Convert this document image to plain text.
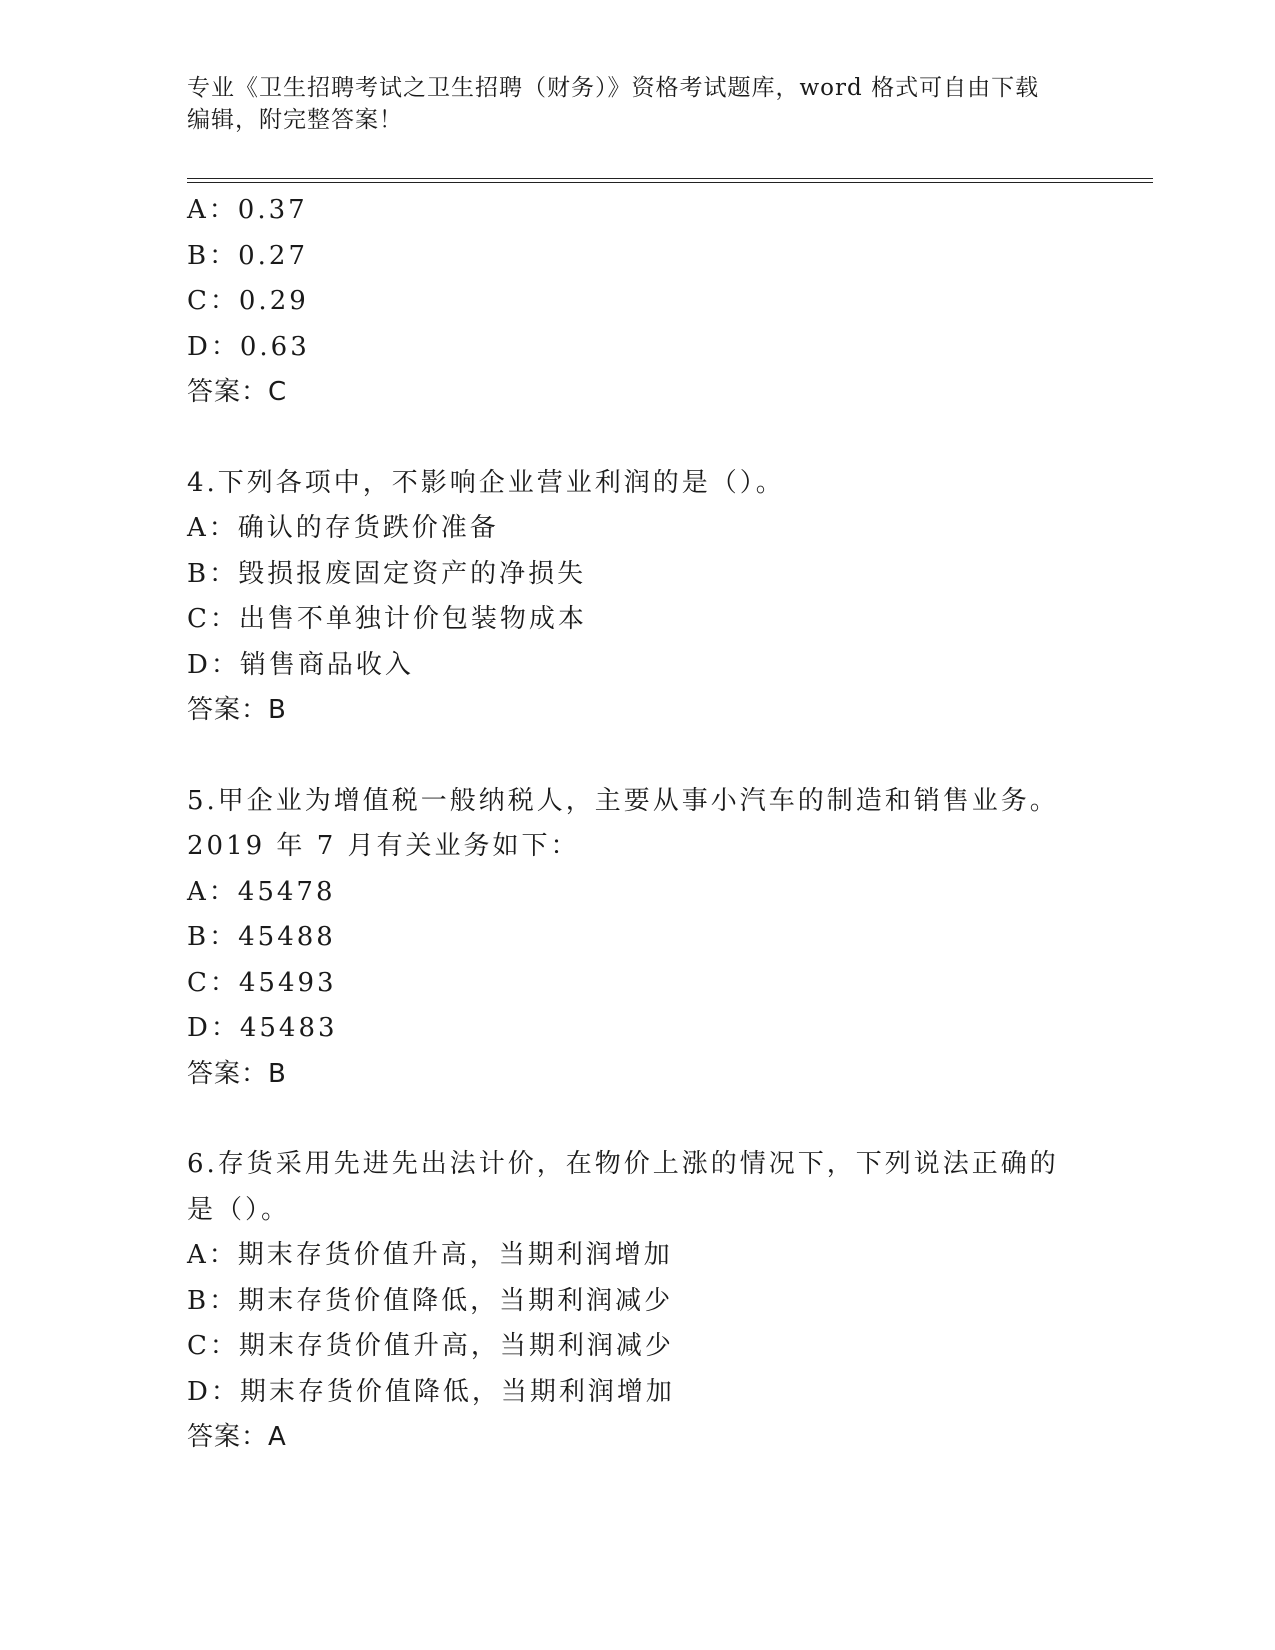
专业《卫生招聘考试之卫生招聘（财务）》资格考试题库，word 格式可自由下载
编辑，附完整答案！
A：0.37
B：0.27
C：0.29
D：0.63
答案：C
4.下列各项中，不影响企业营业利润的是（）。
A：确认的存货跌价准备
B：毁损报废固定资产的净损失
C：出售不单独计价包装物成本
D：销售商品收入
答案：B
5.甲企业为增值税一般纳税人，主要从事小汽车的制造和销售业务。
2019 年 7 月有关业务如下：
A：45478
B：45488
C：45493
D：45483
答案：B
6.存货采用先进先出法计价，在物价上涨的情况下，下列说法正确的
是（）。
A：期末存货价值升高，当期利润增加
B：期末存货价值降低，当期利润减少
C：期末存货价值升高，当期利润减少
D：期末存货价值降低，当期利润增加
答案：A
